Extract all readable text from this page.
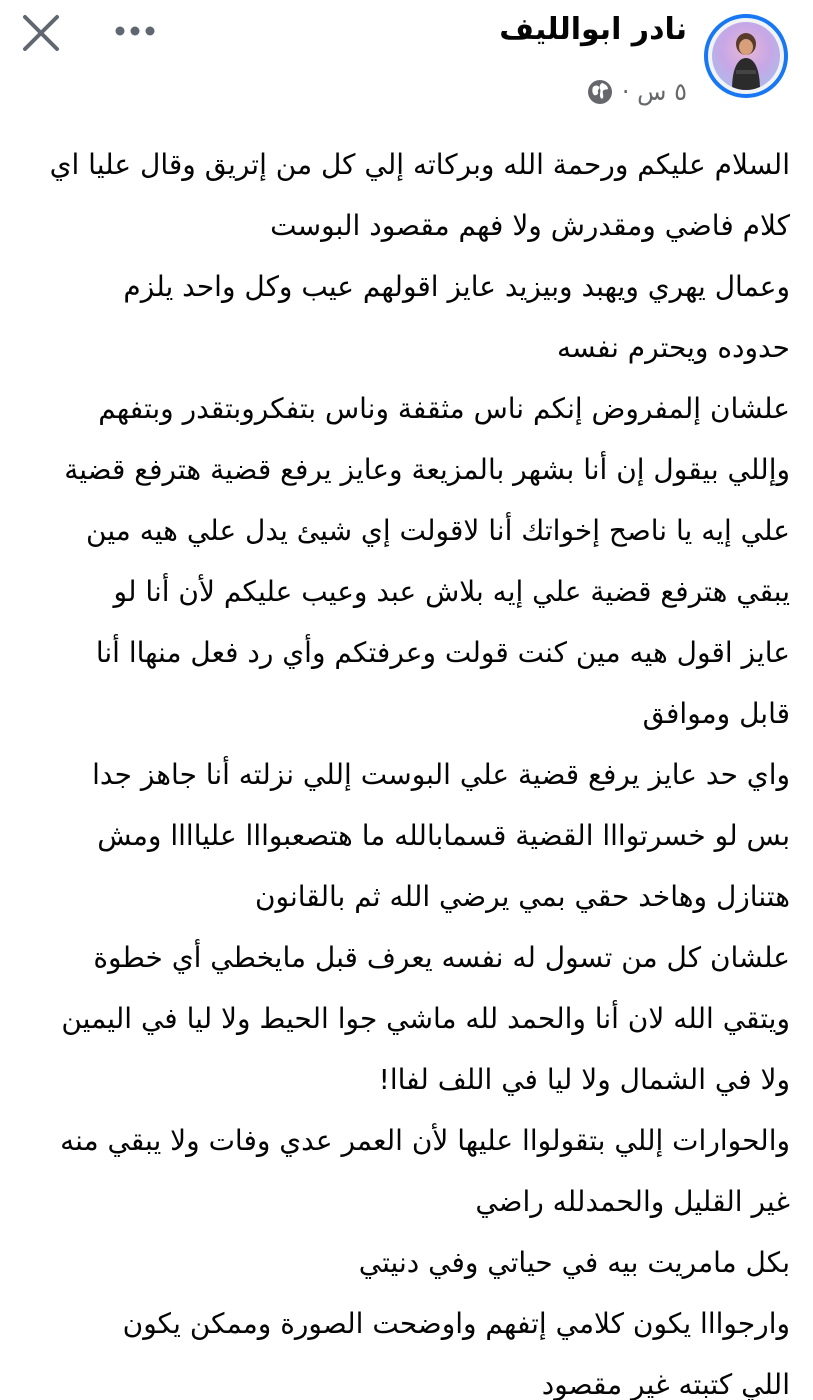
نادر ابوالليف
٥ س ·
السلام عليكم ورحمة الله وبركاته إلي كل من إتريق وقال عليا اي
كلام فاضي ومقدرش ولا فهم مقصود البوست
وعمال يهري ويهبد وبيزيد عايز اقولهم عيب وكل واحد يلزم
حدوده ويحترم نفسه
علشان إلمفروض إنكم ناس مثقفة وناس بتفكروبتقدر وبتفهم
وإللي بيقول إن أنا بشهر بالمزيعة وعايز يرفع قضية هترفع قضية
علي إيه يا ناصح إخواتك أنا لاقولت إي شيئ يدل علي هيه مين
يبقي هترفع قضية علي إيه بلاش عبد وعيب عليكم لأن أنا لو
عايز اقول هيه مين كنت قولت وعرفتكم وأي رد فعل منهاا أنا
قابل وموافق
واي حد عايز يرفع قضية علي البوست إللي نزلته أنا جاهز جدا
بس لو خسرتوااا القضية قسمابالله ما هتصعبوااا علياااا ومش
هتنازل وهاخد حقي بمي يرضي الله ثم بالقانون
علشان كل من تسول له نفسه يعرف قبل مايخطي أي خطوة
ويتقي الله لان أنا والحمد لله ماشي جوا الحيط ولا ليا في اليمين
ولا في الشمال ولا ليا في اللف لفاا!
والحوارات إللي بتقولواا عليها لأن العمر عدي وفات ولا يبقي منه
غير القليل والحمدلله راضي
بكل مامريت بيه في حياتي وفي دنيتي
وارجوااا يكون كلامي إتفهم واوضحت الصورة وممكن يكون
اللي كتبته غير مقصود
